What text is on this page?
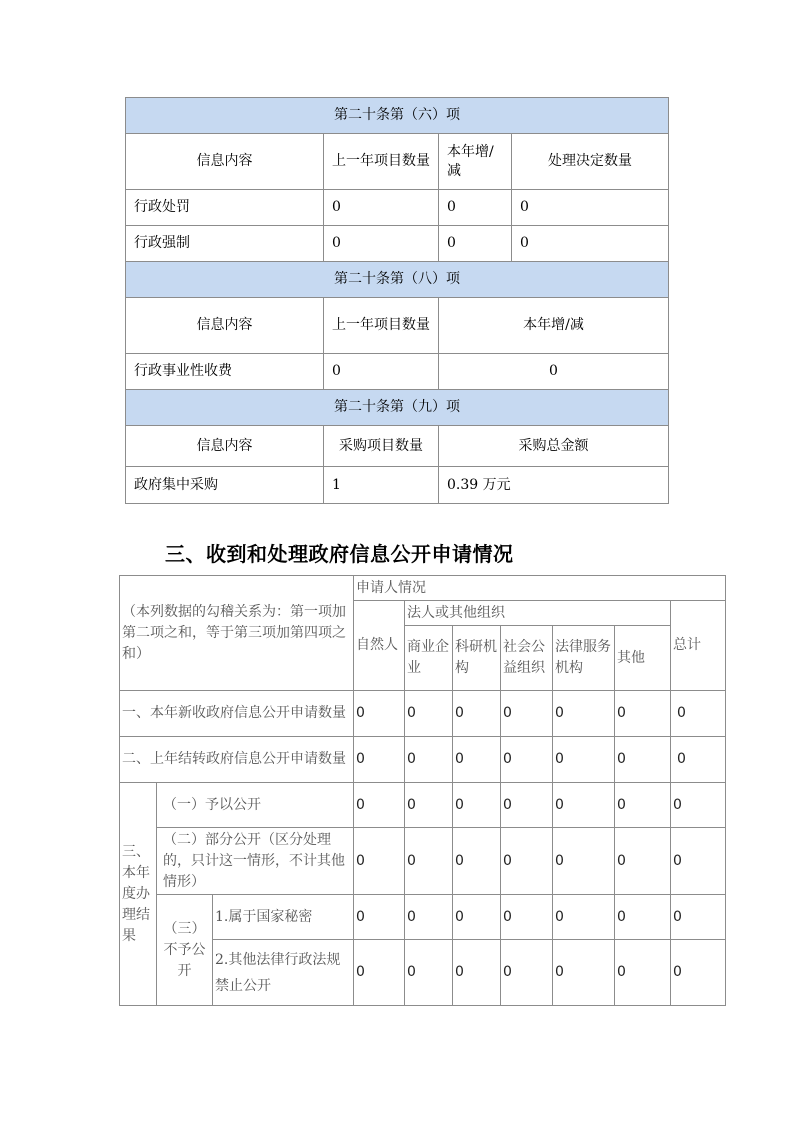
第二十条第（六）项			
信息内容	上一年项目数量	本年增/减	处理决定数量
行政处罚	0	0	0
行政强制	0	0	0
第二十条第（八）项			
信息内容	上一年项目数量	本年增/减	
行政事业性收费	0	0	
第二十条第（九）项			
信息内容	采购项目数量	采购总金额	
政府集中采购	1	0.39 万元	
三、收到和处理政府信息公开申请情况
（本列数据的勾稽关系为：第一项加第二项之和，等于第三项加第四项之和）			申请人情况						
			自然人	法人或其他组织					总计
				商业企业	科研机构	社会公益组织	法律服务机构	其他	
一、本年新收政府信息公开申请数量			0	0	0	0	0	0	0
二、上年结转政府信息公开申请数量			0	0	0	0	0	0	0
三、本年度办理结果	（一）予以公开		0	0	0	0	0	0	0
	（二）部分公开（区分处理的，只计这一情形，不计其他情形）		0	0	0	0	0	0	0
	（三）不予公开	1.属于国家秘密	0	0	0	0	0	0	0
		2.其他法律行政法规禁止公开	0	0	0	0	0	0	0
